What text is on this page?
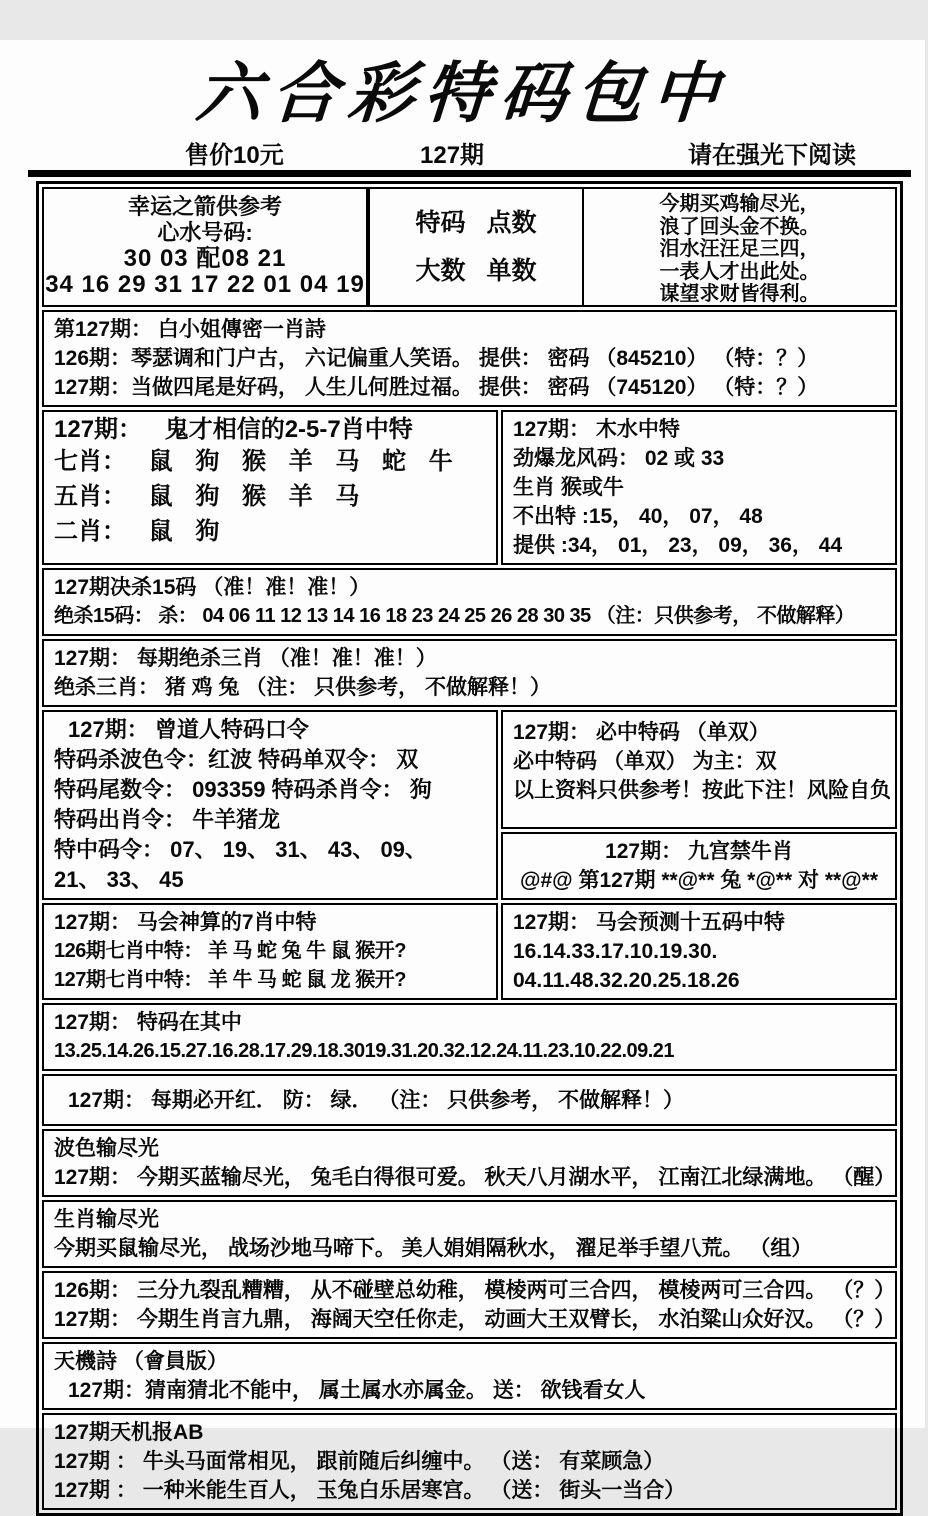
六合彩特码包中
售价10元	127期	请在强光下阅读
幸运之箭供参考
心水号码:
30 03 配08 21
34 16 29 31 17 22 01 04 19
特码 点数
大数 单数
今期买鸡输尽光，
浪了回头金不换。
泪水汪汪足三四，
一表人才出此处。
谋望求财皆得利。
第127期： 白小姐傳密一肖詩
126期：琴瑟调和门户古， 六记偏重人笑语。 提供： 密码 （845210） （特：？）
127期：当做四尾是好码， 人生儿何胜过福。 提供： 密码 （745120） （特：？）
127期： 鬼才相信的2-5-7肖中特
七肖： 鼠 狗 猴 羊 马 蛇 牛
五肖： 鼠 狗 猴 羊 马
二肖： 鼠 狗
127期： 木水中特
劲爆龙风码： 02 或 33
生肖 猴或牛
不出特 :15， 40， 07， 48
提供 :34， 01， 23， 09， 36， 44
127期决杀15码 （准！准！准！）
绝杀15码： 杀： 04 06 11 12 13 14 16 18 23 24 25 26 28 30 35 （注：只供参考， 不做解释）
127期： 每期绝杀三肖 （准！准！准！）
绝杀三肖： 猪 鸡 兔 （注： 只供参考， 不做解释！）
127期： 曾道人特码口令
特码杀波色令：红波 特码单双令： 双
特码尾数令： 093359 特码杀肖令： 狗
特码出肖令： 牛羊猪龙
特中码令： 07、 19、 31、 43、 09、
21、 33、 45
127期： 必中特码 （单双）
必中特码 （单双） 为主：双
以上资料只供参考！按此下注！风险自负
127期： 九宫禁牛肖
@#@ 第127期 **@** 兔 *@** 对 **@**
127期： 马会神算的7肖中特
126期七肖中特： 羊 马 蛇 兔 牛 鼠 猴开?
127期七肖中特： 羊 牛 马 蛇 鼠 龙 猴开?
127期： 马会预测十五码中特
16.14.33.17.10.19.30.
04.11.48.32.20.25.18.26
127期： 特码在其中
13.25.14.26.15.27.16.28.17.29.18.3019.31.20.32.12.24.11.23.10.22.09.21
127期： 每期必开红． 防： 绿． （注： 只供参考， 不做解释！）
波色输尽光
127期： 今期买蓝输尽光， 兔毛白得很可爱。 秋天八月湖水平， 江南江北绿满地。 （醒）
生肖输尽光
今期买鼠输尽光， 战场沙地马啼下。 美人娟娟隔秋水， 濯足举手望八荒。 （组）
126期： 三分九裂乱糟糟， 从不碰壁总幼稚， 模棱两可三合四， 模棱两可三合四。 （？）
127期： 今期生肖言九鼎， 海阔天空任你走， 动画大王双臂长， 水泊粱山众好汉。 （？）
天機詩 （會員版）
127期：猜南猜北不能中， 属土属水亦属金。 送： 欲钱看女人
127期天机报AB
127期 ： 牛头马面常相见， 跟前随后纠缠中。 （送： 有菜顾急）
127期 ： 一种米能生百人， 玉兔白乐居寒宫。 （送： 街头一当合）
